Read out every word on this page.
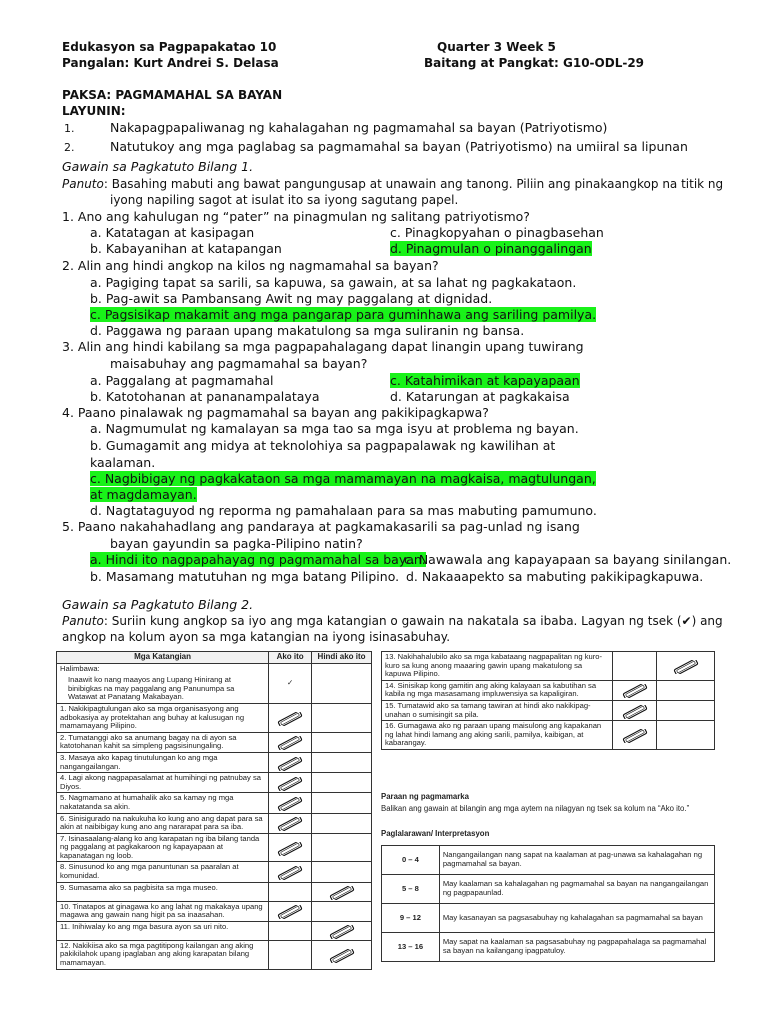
Edukasyon sa Pagpapakatao 10	Quarter 3 Week 5
Pangalan: Kurt Andrei S. Delasa	Baitang at Pangkat: G10-ODL-29
PAKSA: PAGMAMAHAL SA BAYAN
LAYUNIN:
1.	Nakapagpapaliwanag ng kahalagahan ng pagmamahal sa bayan (Patriyotismo)
2.	Natutukoy ang mga paglabag sa pagmamahal sa bayan (Patriyotismo) na umiiral sa lipunan
Gawain sa Pagkatuto Bilang 1.
Panuto: Basahing mabuti ang bawat pangungusap at unawain ang tanong. Piliin ang pinakaangkop na titik ng
iyong napiling sagot at isulat ito sa iyong sagutang papel.
1. Ano ang kahulugan ng “pater” na pinagmulan ng salitang patriyotismo?
a. Katatagan at kasipagan	c. Pinagkopyahan o pinagbasehan
b. Kabayanihan at katapangan	d. Pinagmulan o pinanggalingan
2. Alin ang hindi angkop na kilos ng nagmamahal sa bayan?
a. Pagiging tapat sa sarili, sa kapuwa, sa gawain, at sa lahat ng pagkakataon.
b. Pag-awit sa Pambansang Awit ng may paggalang at dignidad.
c. Pagsisikap makamit ang mga pangarap para guminhawa ang sariling pamilya.
d. Paggawa ng paraan upang makatulong sa mga suliranin ng bansa.
3. Alin ang hindi kabilang sa mga pagpapahalagang dapat linangin upang tuwirang
maisabuhay ang pagmamahal sa bayan?
a. Paggalang at pagmamahal	c. Katahimikan at kapayapaan
b. Katotohanan at pananampalataya	d. Katarungan at pagkakaisa
4. Paano pinalawak ng pagmamahal sa bayan ang pakikipagkapwa?
a. Nagmumulat ng kamalayan sa mga tao sa mga isyu at problema ng bayan.
b. Gumagamit ang midya at teknolohiya sa pagpapalawak ng kawilihan at
kaalaman.
c. Nagbibigay ng pagkakataon sa mga mamamayan na magkaisa, magtulungan,
at magdamayan.
d. Nagtataguyod ng reporma ng pamahalaan para sa mas mabuting pamumuno.
5. Paano nakahahadlang ang pandaraya at pagkamakasarili sa pag-unlad ng isang
bayan gayundin sa pagka-Pilipino natin?
a. Hindi ito nagpapahayag ng pagmamahal sa bayan.
c. Nawawala ang kapayapaan sa bayang sinilangan.
b. Masamang matutuhan ng mga batang Pilipino. d. Nakaaapekto sa mabuting pakikipagkapuwa.
Gawain sa Pagkatuto Bilang 2.
Panuto: Suriin kung angkop sa iyo ang mga katangian o gawain na nakatala sa ibaba. Lagyan ng tsek (✔) ang
angkop na kolum ayon sa mga katangian na iyong isinasabuhay.
Mga Katangian	Ako ito	Hindi ako ito

Halimbawa:
Inaawit ko nang maayos ang Lupang Hinirang at binibigkas na may paggalang ang Panunumpa sa Watawat at Panatang Makabayan.	✓	
1. Nakikipagtulungan ako sa mga organisasyong ang adbokasiya ay protektahan ang buhay at kalusugan ng mamamayang Pilipino.	

2. Tumatanggi ako sa anumang bagay na di ayon sa katotohanan kahit sa simpleng pagsisinungaling.	

3. Masaya ako kapag tinutulungan ko ang mga nangangailangan.	

4. Lagi akong nagpapasalamat at humihingi ng patnubay sa Diyos.	

5. Nagmamano at humahalik ako sa kamay ng mga nakatatanda sa akin.	

6. Sinisigurado na nakukuha ko kung ano ang dapat para sa akin at naibibigay kung ano ang nararapat para sa iba.	

7. Isinasaalang-alang ko ang karapatan ng iba bilang tanda ng paggalang at pagkakaroon ng kapayapaan at kapanatagan ng loob.	

8. Sinusunod ko ang mga panuntunan sa paaralan at komunidad.	

9. Sumasama ako sa pagbisita sa mga museo.		

10. Tinatapos at ginagawa ko ang lahat ng makakaya upang magawa ang gawain nang higit pa sa inaasahan.	

11. Inihiwalay ko ang mga basura ayon sa uri nito.		

12. Nakikiisa ako sa mga pagtitipong kailangan ang aking pakikilahok upang ipaglaban ang aking karapatan bilang mamamayan.		
13. Nakihahalubilo ako sa mga kabataang nagpapalitan ng kuro-kuro sa kung anong maaaring gawin upang makatulong sa kapuwa Pilipino.		

14. Sinisikap kong gamitin ang aking kalayaan sa kabutihan sa kabila ng mga masasamang impluwensiya sa kapaligiran.	

15. Tumatawid ako sa tamang tawiran at hindi ako nakikipag-unahan o sumisingit sa pila.	

16. Gumagawa ako ng paraan upang maisulong ang kapakanan ng lahat hindi lamang ang aking sarili, pamilya, kaibigan, at kabarangay.	

Paraan ng pagmamarka
Balikan ang gawain at bilangin ang mga aytem na nilagyan ng tsek sa kolum na “Ako ito.”
Paglalarawan/ Interpretasyon
0 – 4	Nangangailangan nang sapat na kaalaman at pag-unawa sa kahalagahan ng pagmamahal sa bayan.
5 – 8	May kaalaman sa kahalagahan ng pagmamahal sa bayan na nangangailangan ng pagpapaunlad.
9 – 12	May kasanayan sa pagsasabuhay ng kahalagahan sa pagmamahal sa bayan
13 – 16	May sapat na kaalaman sa pagsasabuhay ng pagpapahalaga sa pagmamahal sa bayan na kailangang ipagpatuloy.
